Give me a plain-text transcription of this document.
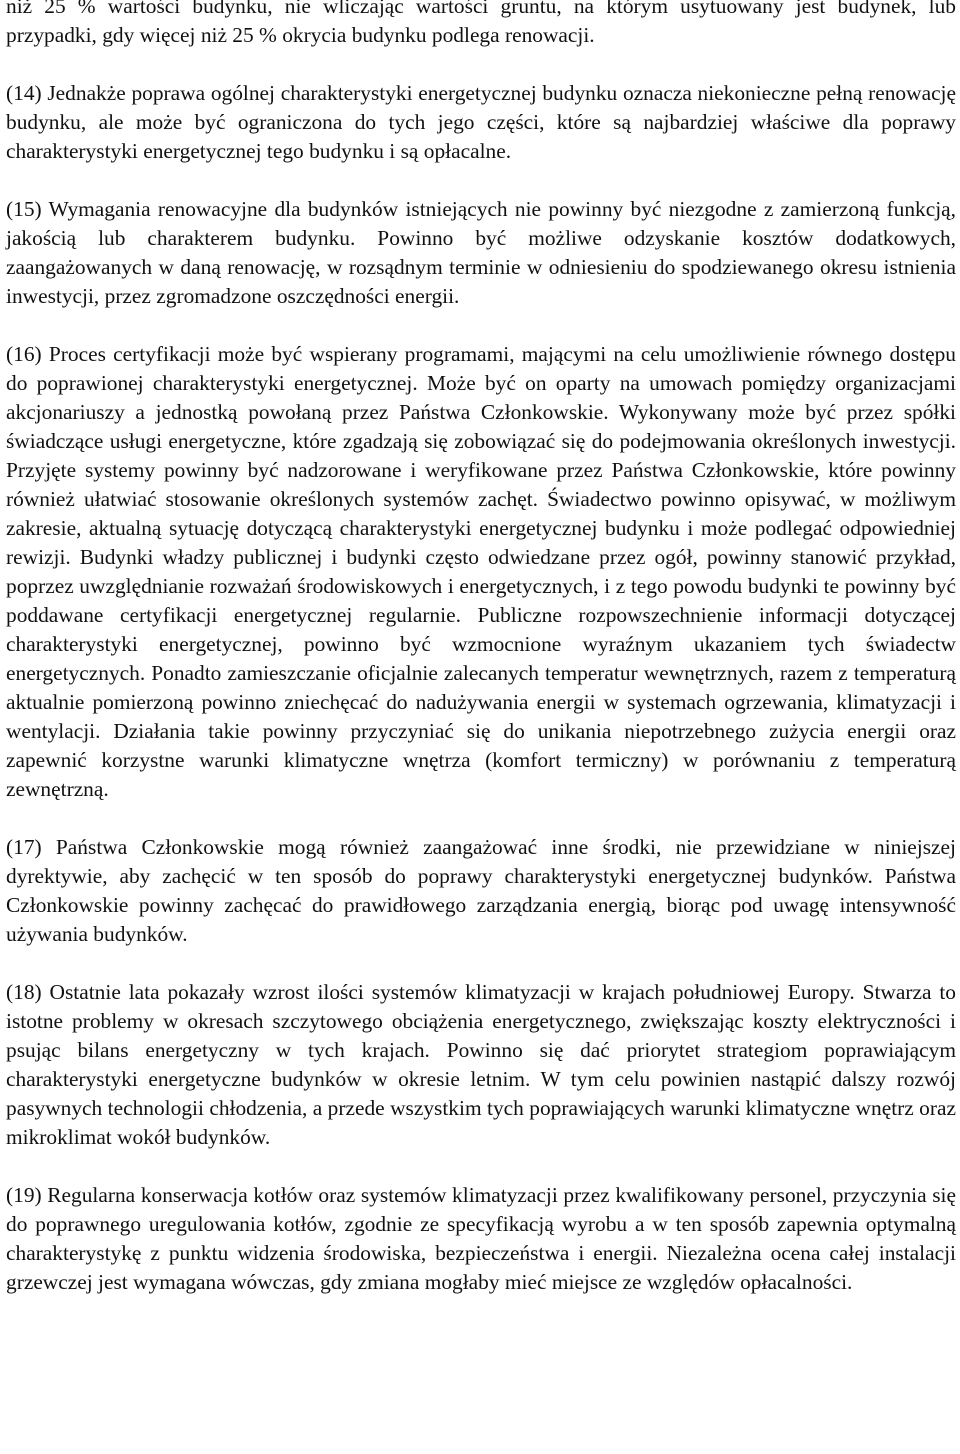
niż 25 % wartości budynku, nie wliczając wartości gruntu, na którym usytuowany jest budynek, lub przypadki, gdy więcej niż 25 % okrycia budynku podlega renowacji.

(14) Jednakże poprawa ogólnej charakterystyki energetycznej budynku oznacza niekonieczne pełną renowację budynku, ale może być ograniczona do tych jego części, które są najbardziej właściwe dla poprawy charakterystyki energetycznej tego budynku i są opłacalne.

(15) Wymagania renowacyjne dla budynków istniejących nie powinny być niezgodne z zamierzoną funkcją, jakością lub charakterem budynku. Powinno być możliwe odzyskanie kosztów dodatkowych, zaangażowanych w daną renowację, w rozsądnym terminie w odniesieniu do spodziewanego okresu istnienia inwestycji, przez zgromadzone oszczędności energii.

(16) Proces certyfikacji może być wspierany programami, mającymi na celu umożliwienie równego dostępu do poprawionej charakterystyki energetycznej. Może być on oparty na umowach pomiędzy organizacjami akcjonariuszy a jednostką powołaną przez Państwa Członkowskie. Wykonywany może być przez spółki świadczące usługi energetyczne, które zgadzają się zobowiązać się do podejmowania określonych inwestycji. Przyjęte systemy powinny być nadzorowane i weryfikowane przez Państwa Członkowskie, które powinny również ułatwiać stosowanie określonych systemów zachęt. Świadectwo powinno opisywać, w możliwym zakresie, aktualną sytuację dotyczącą charakterystyki energetycznej budynku i może podlegać odpowiedniej rewizji. Budynki władzy publicznej i budynki często odwiedzane przez ogół, powinny stanowić przykład, poprzez uwzględnianie rozważań środowiskowych i energetycznych, i z tego powodu budynki te powinny być poddawane certyfikacji energetycznej regularnie. Publiczne rozpowszechnienie informacji dotyczącej charakterystyki energetycznej, powinno być wzmocnione wyraźnym ukazaniem tych świadectw energetycznych. Ponadto zamieszczanie oficjalnie zalecanych temperatur wewnętrznych, razem z temperaturą aktualnie pomierzoną powinno zniechęcać do nadużywania energii w systemach ogrzewania, klimatyzacji i wentylacji. Działania takie powinny przyczyniać się do unikania niepotrzebnego zużycia energii oraz zapewnić korzystne warunki klimatyczne wnętrza (komfort termiczny) w porównaniu z temperaturą zewnętrzną.

(17) Państwa Członkowskie mogą również zaangażować inne środki, nie przewidziane w niniejszej dyrektywie, aby zachęcić w ten sposób do poprawy charakterystyki energetycznej budynków. Państwa Członkowskie powinny zachęcać do prawidłowego zarządzania energią, biorąc pod uwagę intensywność używania budynków.

(18) Ostatnie lata pokazały wzrost ilości systemów klimatyzacji w krajach południowej Europy. Stwarza to istotne problemy w okresach szczytowego obciążenia energetycznego, zwiększając koszty elektryczności i psując bilans energetyczny w tych krajach. Powinno się dać priorytet strategiom poprawiającym charakterystyki energetyczne budynków w okresie letnim. W tym celu powinien nastąpić dalszy rozwój pasywnych technologii chłodzenia, a przede wszystkim tych poprawiających warunki klimatyczne wnętrz oraz mikroklimat wokół budynków.

(19) Regularna konserwacja kotłów oraz systemów klimatyzacji przez kwalifikowany personel, przyczynia się do poprawnego uregulowania kotłów, zgodnie ze specyfikacją wyrobu a w ten sposób zapewnia optymalną charakterystykę z punktu widzenia środowiska, bezpieczeństwa i energii. Niezależna ocena całej instalacji grzewczej jest wymagana wówczas, gdy zmiana mogłaby mieć miejsce ze względów opłacalności.
